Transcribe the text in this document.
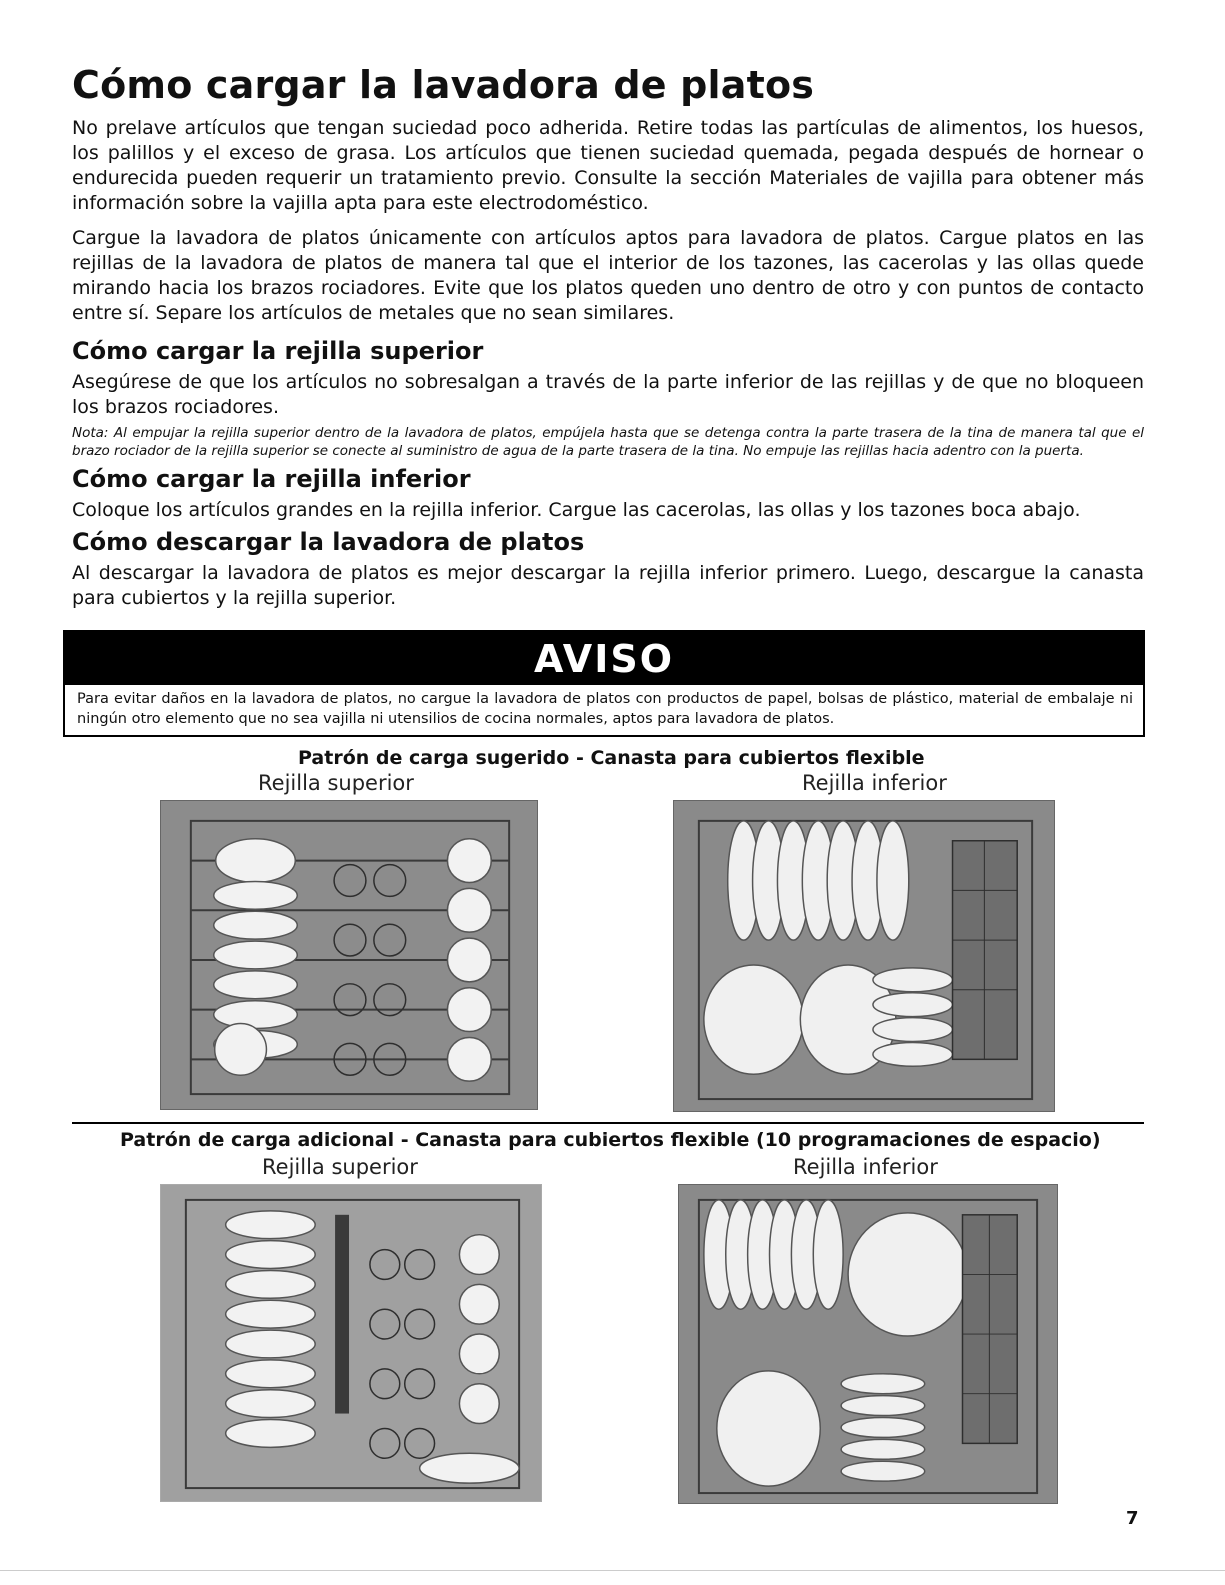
Cómo cargar la lavadora de platos

No prelave artículos que tengan suciedad poco adherida. Retire todas las partículas de alimentos, los huesos, los palillos y el exceso de grasa. Los artículos que tienen suciedad quemada, pegada después de hornear o endurecida pueden requerir un tratamiento previo. Consulte la sección Materiales de vajilla para obtener más información sobre la vajilla apta para este electrodoméstico.

Cargue la lavadora de platos únicamente con artículos aptos para lavadora de platos. Cargue platos en las rejillas de la lavadora de platos de manera tal que el interior de los tazones, las cacerolas y las ollas quede mirando hacia los brazos rociadores. Evite que los platos queden uno dentro de otro y con puntos de contacto entre sí. Separe los artículos de metales que no sean similares.

Cómo cargar la rejilla superior

Asegúrese de que los artículos no sobresalgan a través de la parte inferior de las rejillas y de que no bloqueen los brazos rociadores.

Nota: Al empujar la rejilla superior dentro de la lavadora de platos, empújela hasta que se detenga contra la parte trasera de la tina de manera tal que el brazo rociador de la rejilla superior se conecte al suministro de agua de la parte trasera de la tina. No empuje las rejillas hacia adentro con la puerta.

Cómo cargar la rejilla inferior

Coloque los artículos grandes en la rejilla inferior. Cargue las cacerolas, las ollas y los tazones boca abajo.

Cómo descargar la lavadora de platos

Al descargar la lavadora de platos es mejor descargar la rejilla inferior primero. Luego, descargue la canasta para cubiertos y la rejilla superior.

AVISO
Para evitar daños en la lavadora de platos, no cargue la lavadora de platos con productos de papel, bolsas de plástico, material de embalaje ni ningún otro elemento que no sea vajilla ni utensilios de cocina normales, aptos para lavadora de platos.
Patrón de carga sugerido - Canasta para cubiertos flexible
Rejilla superior	Rejilla inferior
Patrón de carga adicional - Canasta para cubiertos flexible (10 programaciones de espacio)
Rejilla superior	Rejilla inferior
7
